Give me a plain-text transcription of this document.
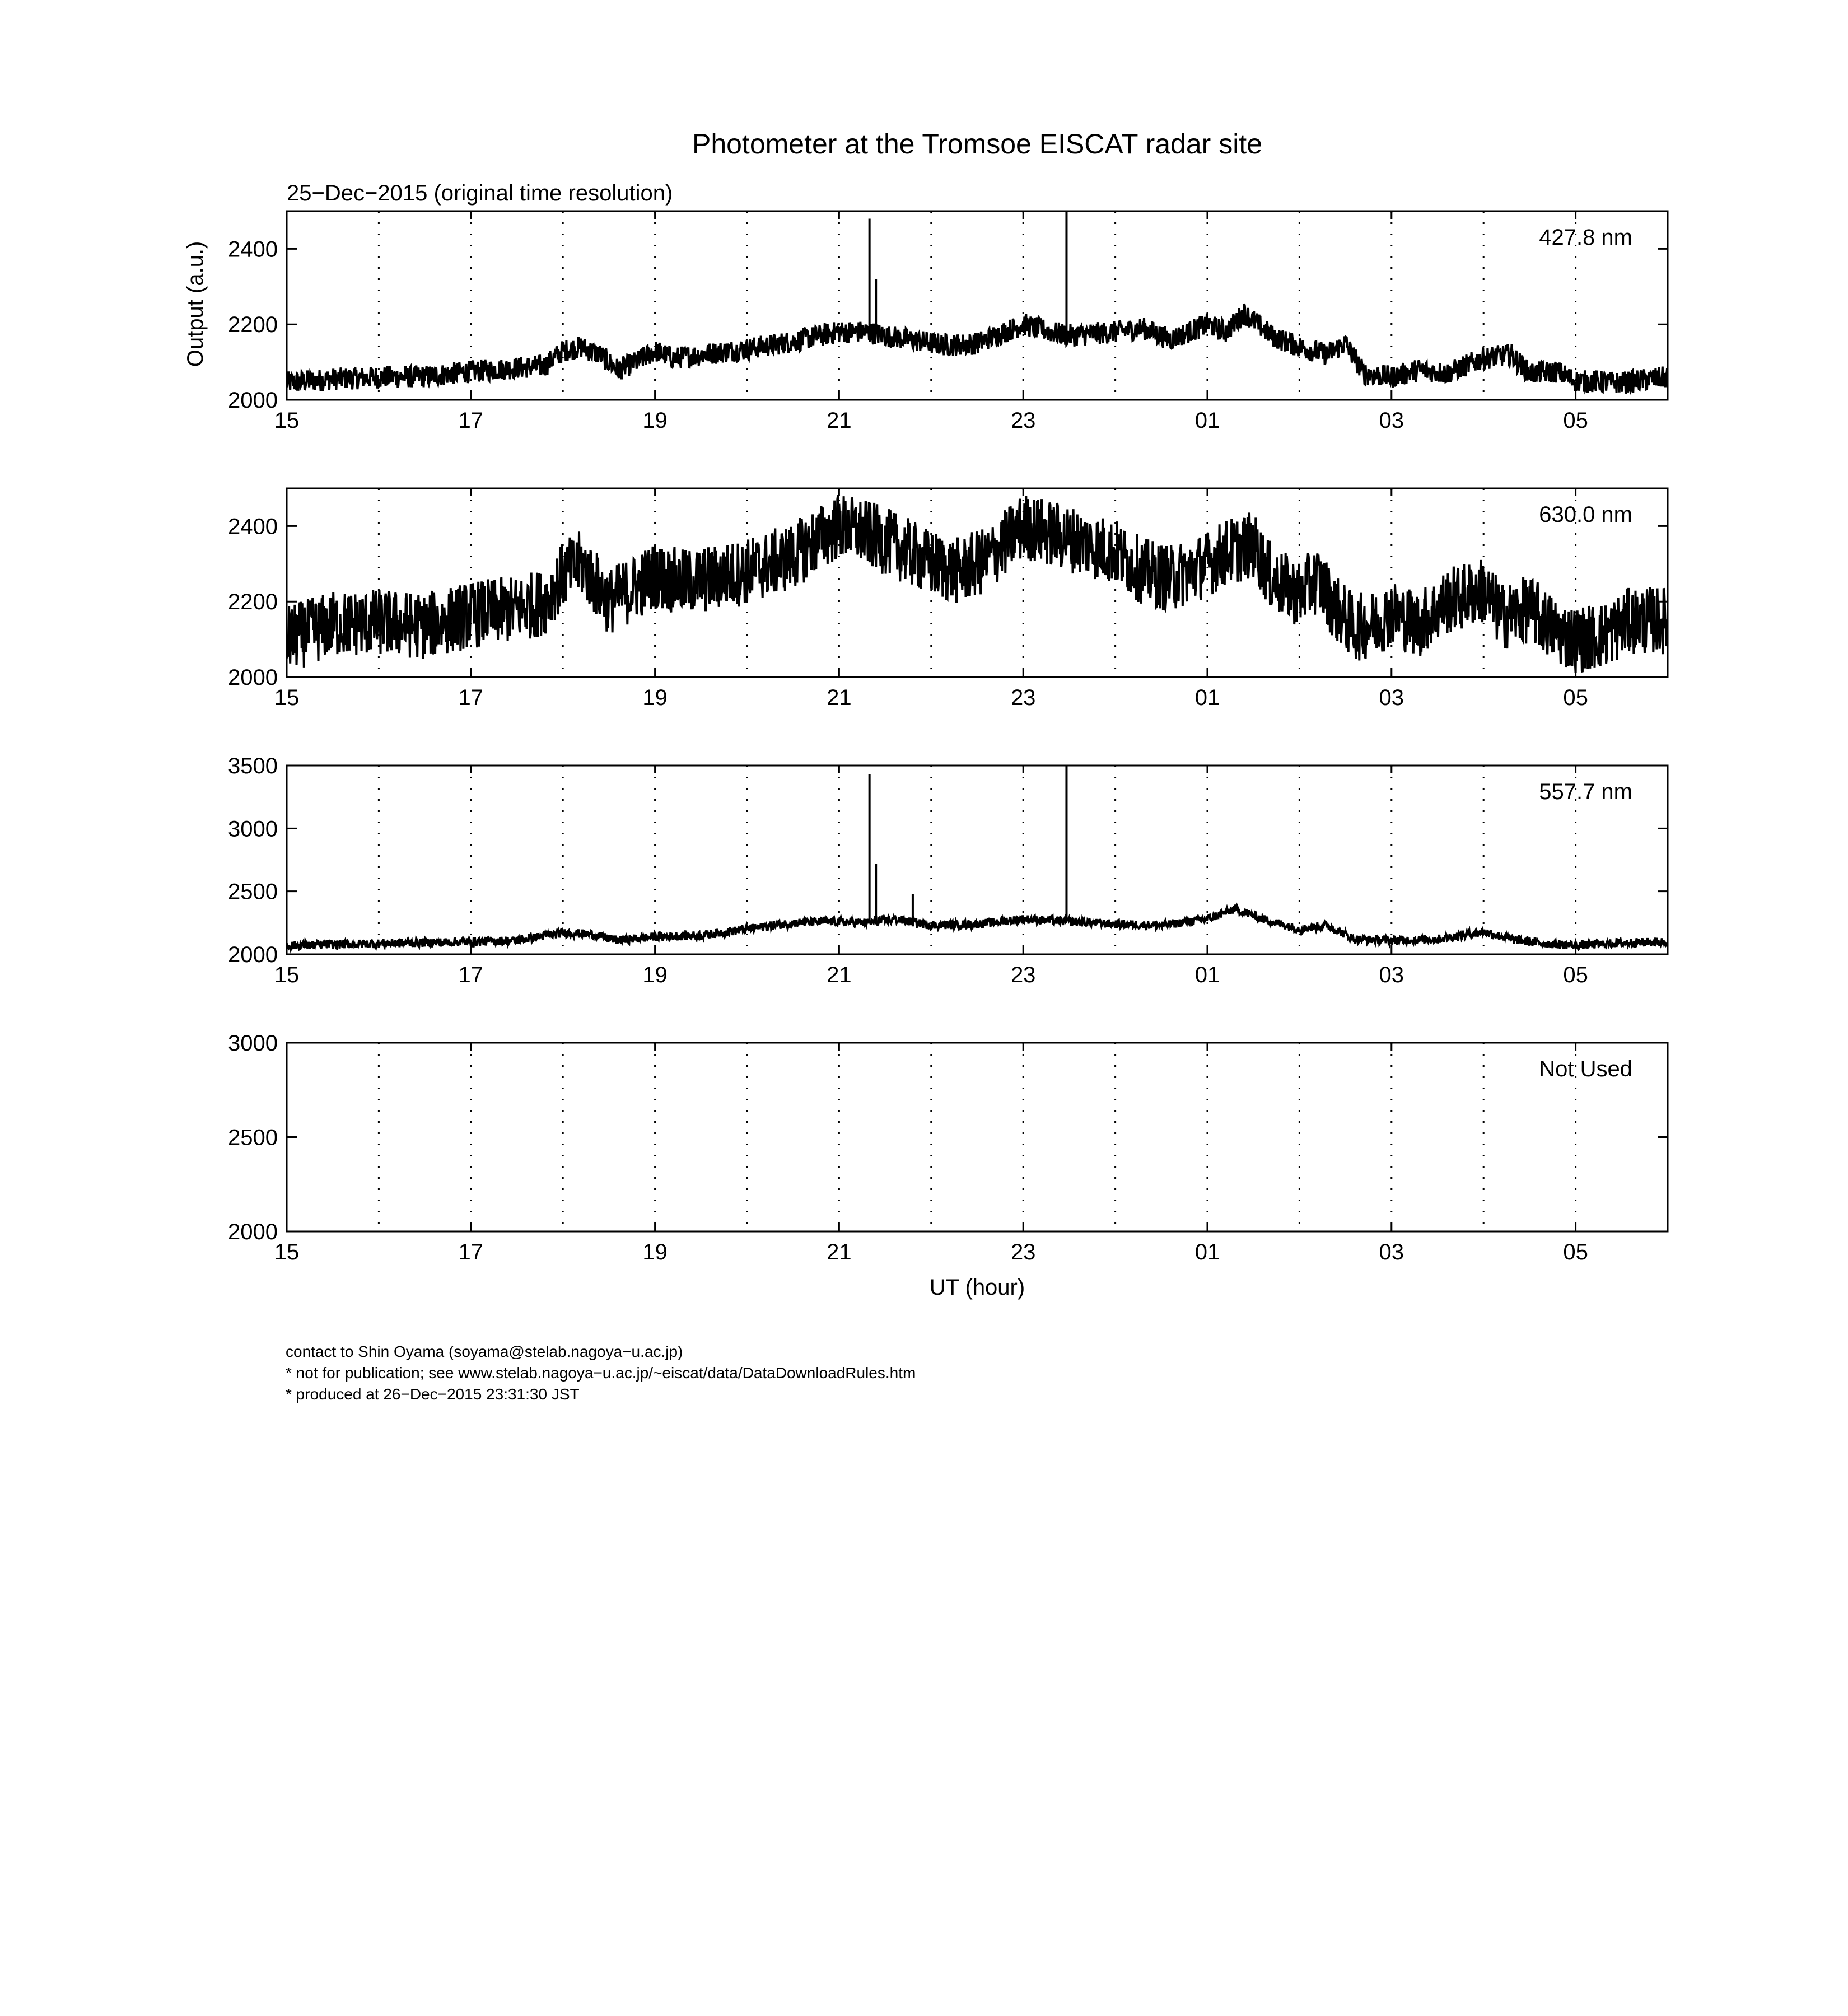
Photometer at the Tromsoe EISCAT radar site
25−Dec−2015 (original time resolution)
Output (a.u.)
UT (hour)
15	17	19	21	23	01	03	05
2000
2200
2400	427.8 nm
15	17	19	21	23	01	03	05
2000
2200
2400	630.0 nm
15	17	19	21	23	01	03	05
2000
2500
3000
3500
557.7 nm
15	17	19	21	23	01	03	05
2000
2500
3000
Not Used
contact to Shin Oyama (soyama@stelab.nagoya−u.ac.jp)
* not for publication; see www.stelab.nagoya−u.ac.jp/~eiscat/data/DataDownloadRules.htm
* produced at 26−Dec−2015 23:31:30 JST
